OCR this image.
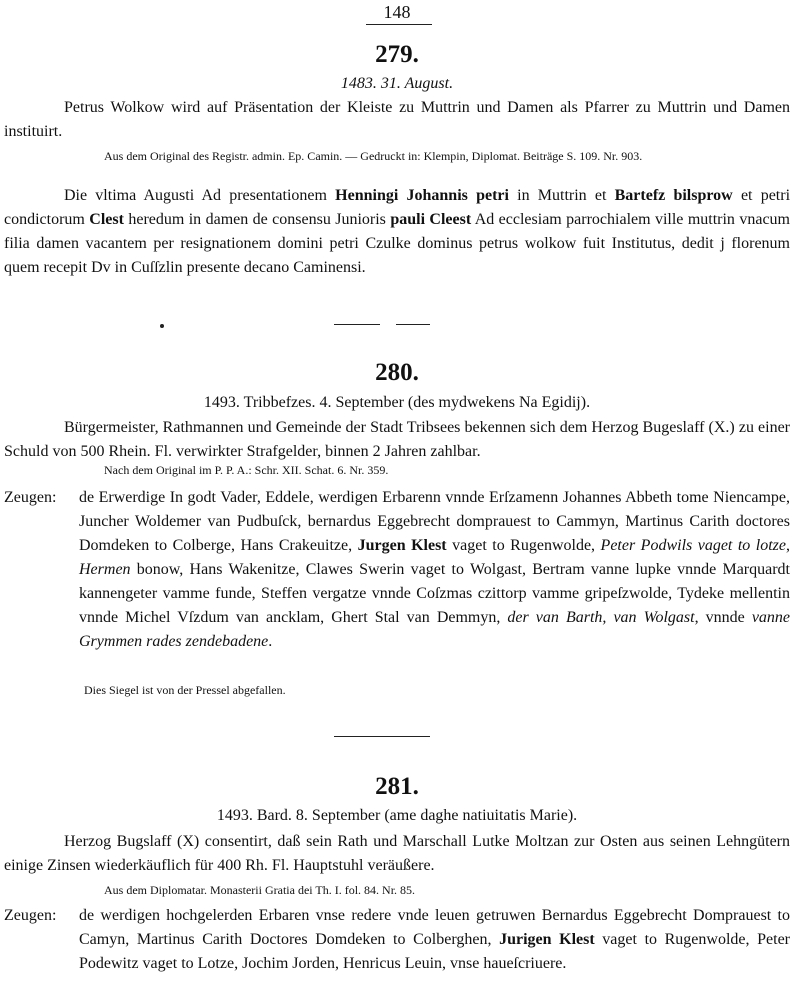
148
279.
1483. 31. August.
Petrus Wolkow wird auf Präsentation der Kleiste zu Muttrin und Damen als Pfarrer zu Muttrin und Damen instituirt.
Aus dem Original des Registr. admin. Ep. Camin. — Gedruckt in: Klempin, Diplomat. Beiträge S. 109. Nr. 903.
Die vltima Augusti Ad presentationem Henningi Johannis petri in Muttrin et Bartefz bilsprow et petri condictorum Clest heredum in damen de consensu Junioris pauli Cleest Ad ecclesiam parrochialem ville muttrin vnacum filia damen vacantem per resignationem domini petri Czulke dominus petrus wolkow fuit Institutus, dedit j florenum quem recepit Dv in Cuſſzlin presente decano Caminensi.
280.
1493. Tribbefzes. 4. September (des mydwekens Na Egidij).
Bürgermeister, Rathmannen und Gemeinde der Stadt Tribsees bekennen sich dem Herzog Bugeslaff (X.) zu einer Schuld von 500 Rhein. Fl. verwirkter Strafgelder, binnen 2 Jahren zahlbar.
Nach dem Original im P. P. A.: Schr. XII. Schat. 6. Nr. 359.
Zeugen: de Erwerdige In godt Vader, Eddele, werdigen Erbarenn vnnde Erſzamenn Johannes Abbeth tome Niencampe, Juncher Woldemer van Pudbuſck, bernardus Eggebrecht domprauest to Cammyn, Martinus Carith doctores Domdeken to Colberge, Hans Crakeuitze, Jurgen Klest vaget to Rugenwolde, Peter Podwils vaget to lotze, Hermen bonow, Hans Wakenitze, Clawes Swerin vaget to Wolgast, Bertram vanne lupke vnnde Marquardt kannengeter vamme funde, Steffen vergatze vnnde Coſzmas czittorp vamme gripeſzwolde, Tydeke mellentin vnnde Michel Vſzdum van ancklam, Ghert Stal van Demmyn, der van Barth, van Wolgast, vnnde vanne Grymmen rades zendebadene.
Dies Siegel ist von der Pressel abgefallen.
281.
1493. Bard. 8. September (ame daghe natiuitatis Marie).
Herzog Bugslaff (X) consentirt, daß sein Rath und Marschall Lutke Moltzan zur Osten aus seinen Lehngütern einige Zinsen wiederkäuflich für 400 Rh. Fl. Hauptstuhl veräußere.
Aus dem Diplomatar. Monasterii Gratia dei Th. I. fol. 84. Nr. 85.
Zeugen: de werdigen hochgelerden Erbaren vnse redere vnde leuen getruwen Bernardus Eggebrecht Domprauest to Camyn, Martinus Carith Doctores Domdeken to Colberghen, Jurigen Klest vaget to Rugenwolde, Peter Podewitz vaget to Lotze, Jochim Jorden, Henricus Leuin, vnse haueſcriuere.
